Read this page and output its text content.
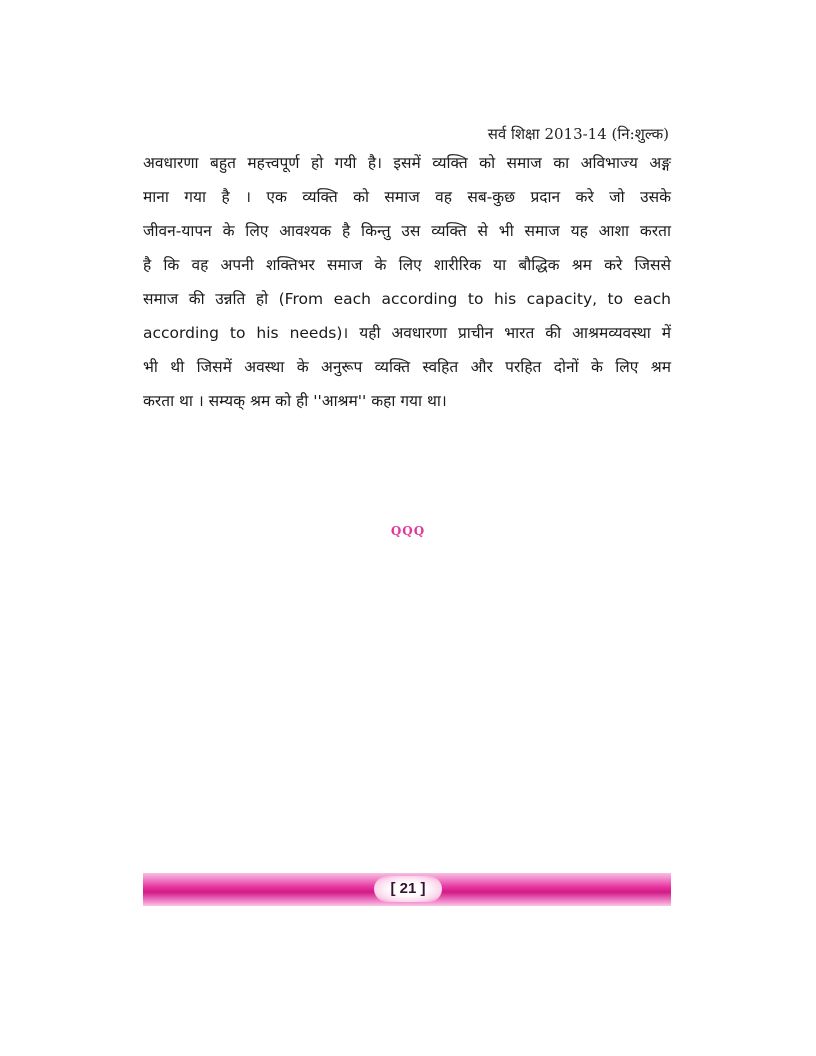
सर्व शिक्षा 2013-14 (नि:शुल्क)
अवधारणा बहुत महत्त्वपूर्ण हो गयी है। इसमें व्यक्ति को समाज का अविभाज्य अङ्ग
माना गया है । एक व्यक्ति को समाज वह सब-कुछ प्रदान करे जो उसके
जीवन-यापन के लिए आवश्यक है किन्तु उस व्यक्ति से भी समाज यह आशा करता
है कि वह अपनी शक्तिभर समाज के लिए शारीरिक या बौद्धिक श्रम करे जिससे
समाज की उन्नति हो (From each according to his capacity, to each
according to his needs)। यही अवधारणा प्राचीन भारत की आश्रमव्यवस्था में
भी थी जिसमें अवस्था के अनुरूप व्यक्ति स्वहित और परहित दोनों के लिए श्रम
करता था । सम्यक् श्रम को ही ''आश्रम'' कहा गया था।
QQQ
[ 21 ]
